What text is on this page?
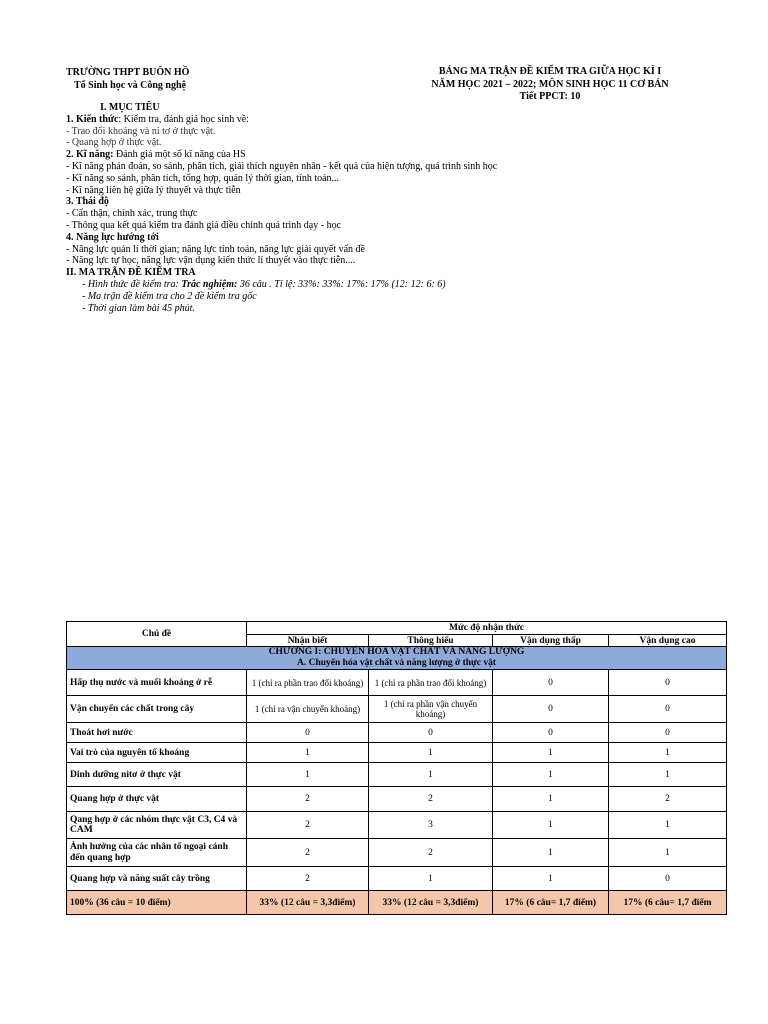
TRƯỜNG THPT BUÔN HỒ
Tổ Sinh học và Công nghệ
BẢNG MA TRẬN ĐỀ KIỂM TRA GIỮA HỌC KÌ I
NĂM HỌC 2021 – 2022; MÔN SINH HỌC 11 CƠ BẢN
Tiết PPCT: 10
I. MỤC TIÊU
1. Kiến thức: Kiểm tra, đánh giá học sinh về:
- Trao đổi khoáng và ni tơ ở thực vật.
- Quang hợp ở thực vật.
2. Kĩ năng: Đánh giá một số kĩ năng của HS
- Kĩ năng phán đoán, so sánh, phân tích, giải thích nguyên nhân - kết quả của hiện tượng, quá trình sinh học
- Kĩ năng so sánh, phân tích, tổng hợp, quản lý thời gian, tính toán...
- Kĩ năng liên hệ giữa lý thuyết và thực tiễn
3. Thái độ
- Cẩn thận, chính xác, trung thực
- Thông qua kết quả kiểm tra đánh giá điều chỉnh quá trình dạy - học
4. Năng lực hướng tới
- Năng lực quản lí thời gian; năng lực tính toán, năng lực giải quyết vấn đề
- Năng lực tự học, năng lực vận dụng kiến thức lí thuyết vào thực tiễn....
II. MA TRẬN ĐỀ KIỂM TRA
- Hình thức đề kiểm tra: Trắc nghiệm: 36 câu . Tỉ lệ: 33%: 33%: 17%: 17% (12: 12: 6: 6)
- Ma trận đề kiểm tra cho 2 đề kiểm tra gốc
- Thời gian làm bài 45 phút.
Chủ đề	Mức độ nhận thức			
	Nhận biết	Thông hiểu	Vận dụng thấp	Vận dụng cao

CHƯƠNG I: CHUYỂN HÓA VẬT CHẤT VÀ NĂNG LƯỢNG
A. Chuyển hóa vật chất và năng lượng ở thực vật				

Hấp thụ nước và muối khoáng ở rễ	1 (chỉ ra phần trao đổi khoáng)	1 (chỉ ra phần trao đổi khoáng)	0	0
Vận chuyển các chất trong cây	1 (chỉ ra vận chuyển khoáng)	1 (chỉ ra phần vận chuyển khoáng)	0	0
Thoát hơi nước	0	0	0	0
Vai trò của nguyên tố khoáng	1	1	1	1
Dinh dưỡng nitơ ở thực vật	1	1	1	1
Quang hợp ở thực vật	2	2	1	2
Qang hợp ở các nhóm thực vật C3, C4 và CAM	2	3	1	1
Ảnh hưởng của các nhân tố ngoại cảnh đến quang hợp	2	2	1	1
Quang hợp và năng suất cây trồng	2	1	1	0
100% (36 câu = 10 điểm)	33% (12 câu = 3,3điểm)	33% (12 câu = 3,3điểm)	17% (6 câu= 1,7 điểm)	17% (6 câu= 1,7 điểm
